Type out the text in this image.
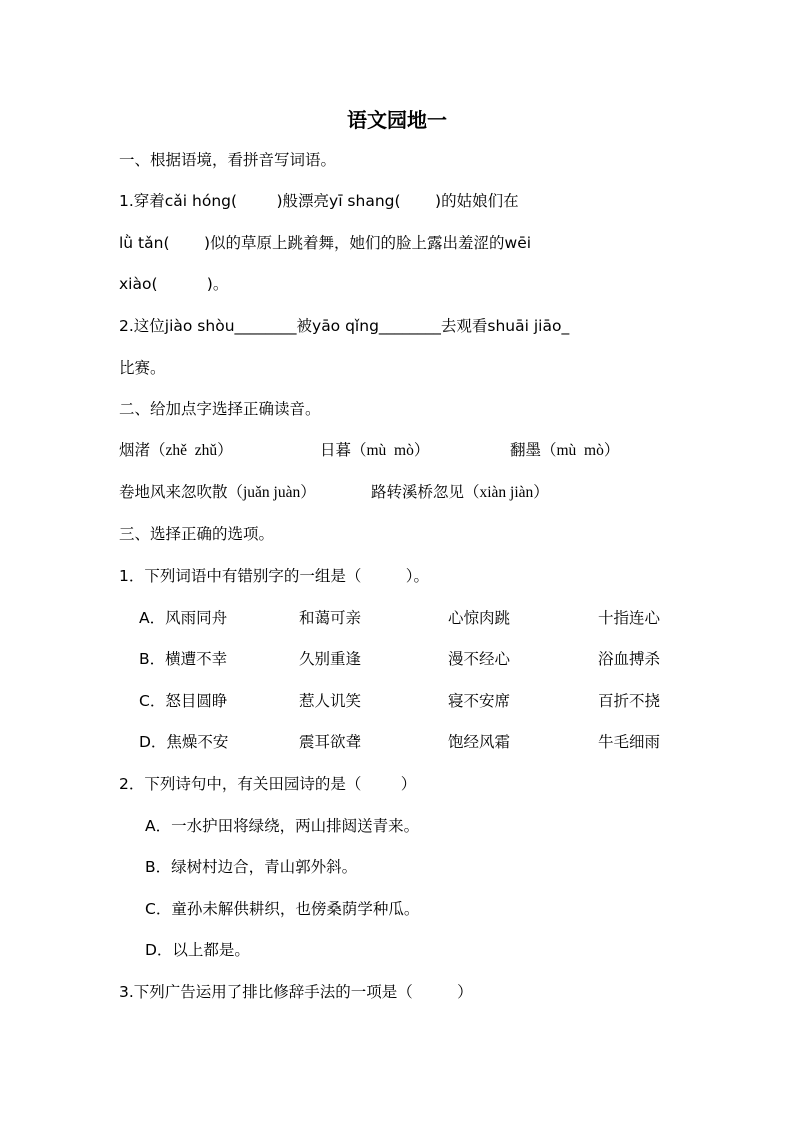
语文园地一
一、根据语境，看拼音写词语。
1.穿着cǎi hóng(        )般漂亮yī shang(       )的姑娘们在
lǜ tǎn(       )似的草原上跳着舞，她们的脸上露出羞涩的wēi
xiào(          )。
2.这位jiào shòu________被yāo qǐng________去观看shuāi jiāo_
比赛。
二、给加点字选择正确读音。
烟渚（zhě  zhǔ）	日暮（mù  mò）	翻墨（mù  mò）
卷地风来忽吹散（juǎn juàn）	路转溪桥忽见（xiàn jiàn）
三、选择正确的选项。
1．下列词语中有错别字的一组是（         ）。
A．风雨同舟	和蔼可亲	心惊肉跳	十指连心
B．横遭不幸	久别重逢	漫不经心	浴血搏杀
C．怒目圆睁	惹人讥笑	寝不安席	百折不挠
D．焦燥不安	震耳欲聋	饱经风霜	牛毛细雨
2．下列诗句中，有关田园诗的是（        ）
A．一水护田将绿绕，两山排闼送青来。
B．绿树村边合，青山郭外斜。
C．童孙未解供耕织，也傍桑荫学种瓜。
D．以上都是。
3.下列广告运用了排比修辞手法的一项是（         ）
